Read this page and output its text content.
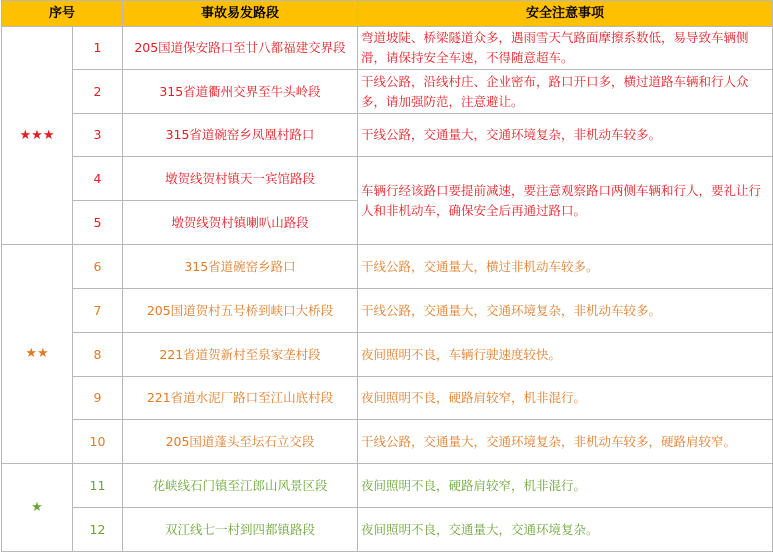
序号		事故易发路段	安全注意事项
★★★	1	205国道保安路口至廿八都福建交界段	弯道坡陡、桥梁隧道众多，遇雨雪天气路面摩擦系数低，易导致车辆侧滑，请保持安全车速，不得随意超车。
	2	315省道衢州交界至牛头岭段	干线公路，沿线村庄、企业密布，路口开口多，横过道路车辆和行人众多，请加强防范，注意避让。
	3	315省道碗窑乡凤凰村路口	干线公路，交通量大，交通环境复杂，非机动车较多。
	4	墩贺线贺村镇天一宾馆路段	车辆行经该路口要提前减速，要注意观察路口两侧车辆和行人，要礼让行人和非机动车，确保安全后再通过路口。
	5	墩贺线贺村镇喇叭山路段	
★★	6	315省道碗窑乡路口	干线公路，交通量大，横过非机动车较多。
	7	205国道贺村五号桥到峡口大桥段	干线公路，交通量大，交通环境复杂，非机动车较多。
	8	221省道贺新村至泉家垄村段	夜间照明不良，车辆行驶速度较快。
	9	221省道水泥厂路口至江山底村段	夜间照明不良，硬路肩较窄，机非混行。
	10	205国道蓬头至坛石立交段	干线公路，交通量大，交通环境复杂，非机动车较多，硬路肩较窄。
★	11	花峡线石门镇至江郎山风景区段	夜间照明不良，硬路肩较窄，机非混行。
	12	双江线七一村到四都镇路段	夜间照明不良，交通量大，交通环境复杂。
